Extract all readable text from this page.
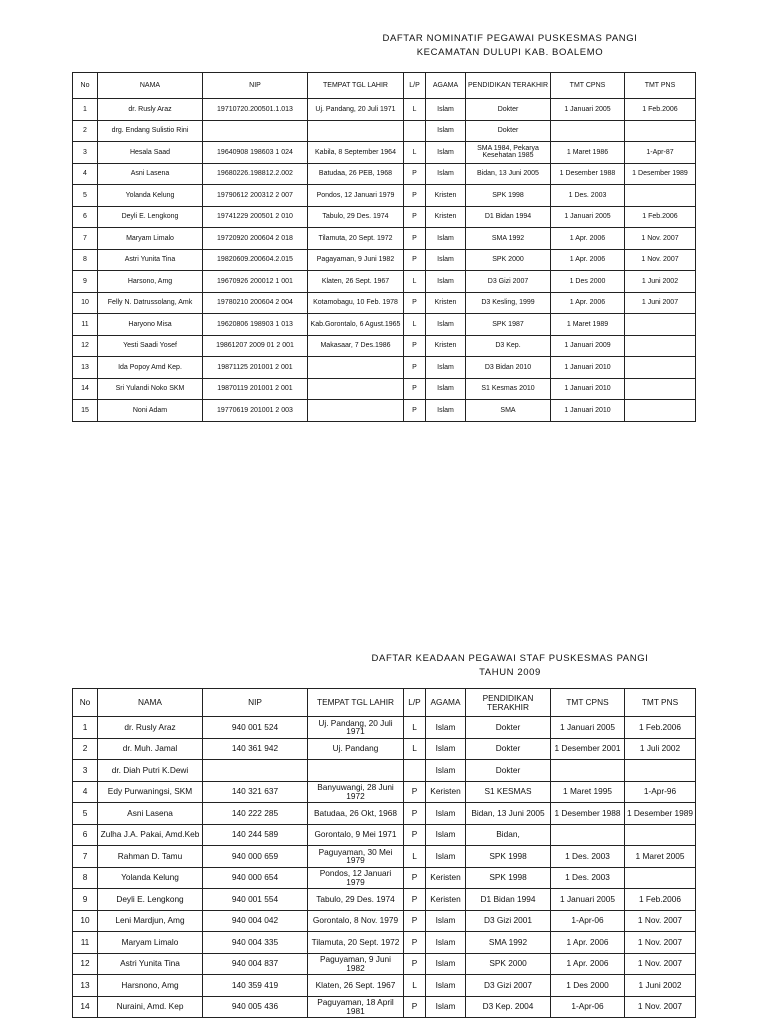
DAFTAR NOMINATIF PEGAWAI PUSKESMAS PANGI
KECAMATAN DULUPI KAB. BOALEMO
No	NAMA	NIP	TEMPAT TGL LAHIR	L/P	AGAMA	PENDIDIKAN TERAKHIR	TMT CPNS	TMT PNS
1	dr. Rusly Araz	19710720.200501.1.013	Uj. Pandang, 20 Juli 1971	L	Islam	Dokter	1 Januari 2005	1 Feb.2006
2	drg. Endang Sulistio Rini				Islam	Dokter		
3	Hesala Saad	19640908 198603 1 024	Kabila, 8 September 1964	L	Islam	SMA 1984, Pekarya Kesehatan 1985	1 Maret 1986	1-Apr-87
4	Asni Lasena	19680226.198812.2.002	Batudaa, 26 PEB, 1968	P	Islam	Bidan, 13 Juni 2005	1 Desember 1988	1 Desember 1989
5	Yolanda Kelung	19790612 200312 2 007	Pondos, 12 Januari 1979	P	Kristen	SPK 1998	1 Des. 2003	
6	Deyli E. Lengkong	19741229 200501 2 010	Tabulo, 29 Des. 1974	P	Kristen	D1 Bidan 1994	1 Januari 2005	1 Feb.2006
7	Maryam Limalo	19720920 200604 2 018	Tilamuta, 20 Sept. 1972	P	Islam	SMA 1992	1 Apr. 2006	1 Nov. 2007
8	Astri Yunita Tina	19820609.200604.2.015	Pagayaman, 9 Juni 1982	P	Islam	SPK 2000	1 Apr. 2006	1 Nov. 2007
9	Harsono, Amg	19670926 200012 1 001	Klaten, 26 Sept. 1967	L	Islam	D3 Gizi 2007	1 Des 2000	1 Juni 2002
10	Felly N. Datrussolang, Amk	19780210 200604 2 004	Kotamobagu, 10 Feb. 1978	P	Kristen	D3 Kesling, 1999	1 Apr. 2006	1 Juni 2007
11	Haryono Misa	19620806 198903 1 013	Kab.Gorontalo, 6 Agust.1965	L	Islam	SPK 1987	1 Maret 1989	
12	Yesti Saadi Yosef	19861207 2009 01 2 001	Makasaar, 7 Des.1986	P	Kristen	D3 Kep.	1 Januari 2009	
13	Ida Popoy Amd Kep.	19871125 201001 2 001		P	Islam	D3 Bidan 2010	1 Januari 2010	
14	Sri Yulandi Noko SKM	19870119 201001 2 001		P	Islam	S1 Kesmas 2010	1 Januari 2010	
15	Noni Adam	19770619 201001 2 003		P	Islam	SMA	1 Januari 2010	
DAFTAR KEADAAN PEGAWAI STAF PUSKESMAS PANGI
TAHUN 2009
No	NAMA	NIP	TEMPAT TGL LAHIR	L/P	AGAMA	PENDIDIKAN TERAKHIR	TMT CPNS	TMT PNS
1	dr. Rusly Araz	940 001 524	Uj. Pandang, 20 Juli 1971	L	Islam	Dokter	1 Januari 2005	1 Feb.2006
2	dr. Muh. Jamal	140 361 942	Uj. Pandang	L	Islam	Dokter	1 Desember 2001	1 Juli 2002
3	dr. Diah Putri K.Dewi				Islam	Dokter		
4	Edy Purwaningsi, SKM	140 321 637	Banyuwangi, 28 Juni 1972	P	Keristen	S1 KESMAS	1 Maret 1995	1-Apr-96
5	Asni Lasena	140 222 285	Batudaa, 26 Okt, 1968	P	Islam	Bidan, 13 Juni 2005	1 Desember 1988	1 Desember 1989
6	Zulha J.A. Pakai, Amd.Keb	140 244 589	Gorontalo, 9 Mei 1971	P	Islam	Bidan,		
7	Rahman D. Tamu	940 000 659	Paguyaman, 30 Mei 1979	L	Islam	SPK 1998	1 Des. 2003	1 Maret 2005
8	Yolanda Kelung	940 000 654	Pondos, 12 Januari 1979	P	Keristen	SPK 1998	1 Des. 2003	
9	Deyli E. Lengkong	940 001 554	Tabulo, 29 Des. 1974	P	Keristen	D1 Bidan 1994	1 Januari 2005	1 Feb.2006
10	Leni Mardjun, Amg	940 004 042	Gorontalo, 8 Nov. 1979	P	Islam	D3 Gizi 2001	1-Apr-06	1 Nov. 2007
11	Maryam Limalo	940 004 335	Tilamuta, 20 Sept. 1972	P	Islam	SMA 1992	1 Apr. 2006	1 Nov. 2007
12	Astri Yunita Tina	940 004 837	Paguyaman, 9 Juni 1982	P	Islam	SPK 2000	1 Apr. 2006	1 Nov. 2007
13	Harsnono, Amg	140 359 419	Klaten, 26 Sept. 1967	L	Islam	D3 Gizi 2007	1 Des 2000	1 Juni 2002
14	Nuraini, Amd. Kep	940 005 436	Paguyaman, 18 April 1981	P	Islam	D3 Kep. 2004	1-Apr-06	1 Nov. 2007
